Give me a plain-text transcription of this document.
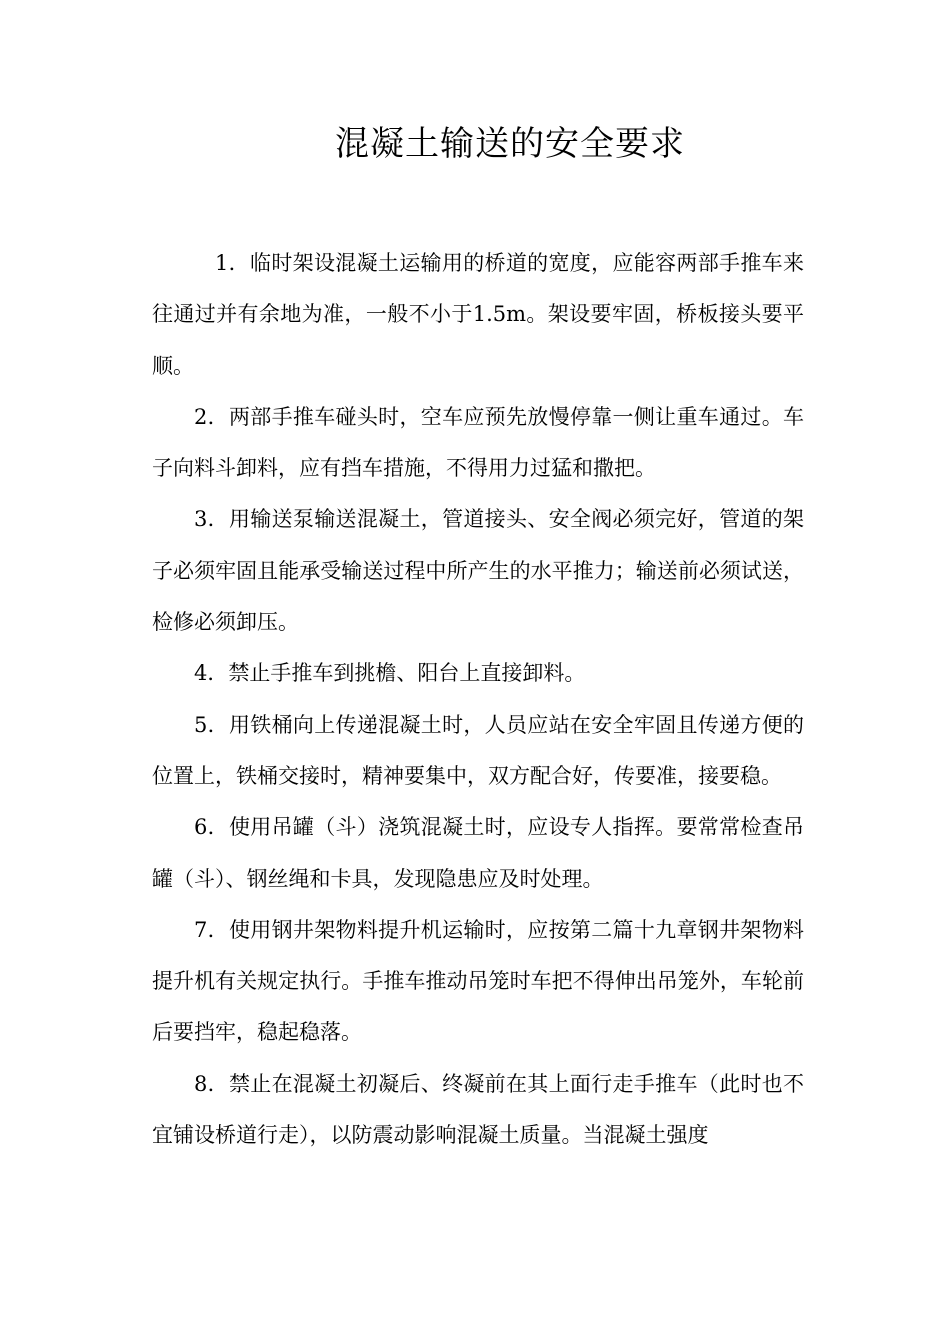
混凝土输送的安全要求

1．临时架设混凝土运输用的桥道的宽度，应能容两部手推车来往通过并有余地为准，一般不小于1.5m。架设要牢固，桥板接头要平顺。

2．两部手推车碰头时，空车应预先放慢停靠一侧让重车通过。车子向料斗卸料，应有挡车措施，不得用力过猛和撒把。

3．用输送泵输送混凝土，管道接头、安全阀必须完好，管道的架子必须牢固且能承受输送过程中所产生的水平推力；输送前必须试送，检修必须卸压。

4．禁止手推车到挑檐、阳台上直接卸料。

5．用铁桶向上传递混凝土时，人员应站在安全牢固且传递方便的位置上，铁桶交接时，精神要集中，双方配合好，传要准，接要稳。

6．使用吊罐（斗）浇筑混凝土时，应设专人指挥。要常常检查吊罐（斗）、钢丝绳和卡具，发现隐患应及时处理。

7．使用钢井架物料提升机运输时，应按第二篇十九章钢井架物料提升机有关规定执行。手推车推动吊笼时车把不得伸出吊笼外，车轮前后要挡牢，稳起稳落。

8．禁止在混凝土初凝后、终凝前在其上面行走手推车（此时也不宜铺设桥道行走），以防震动影响混凝土质量。当混凝土强度
